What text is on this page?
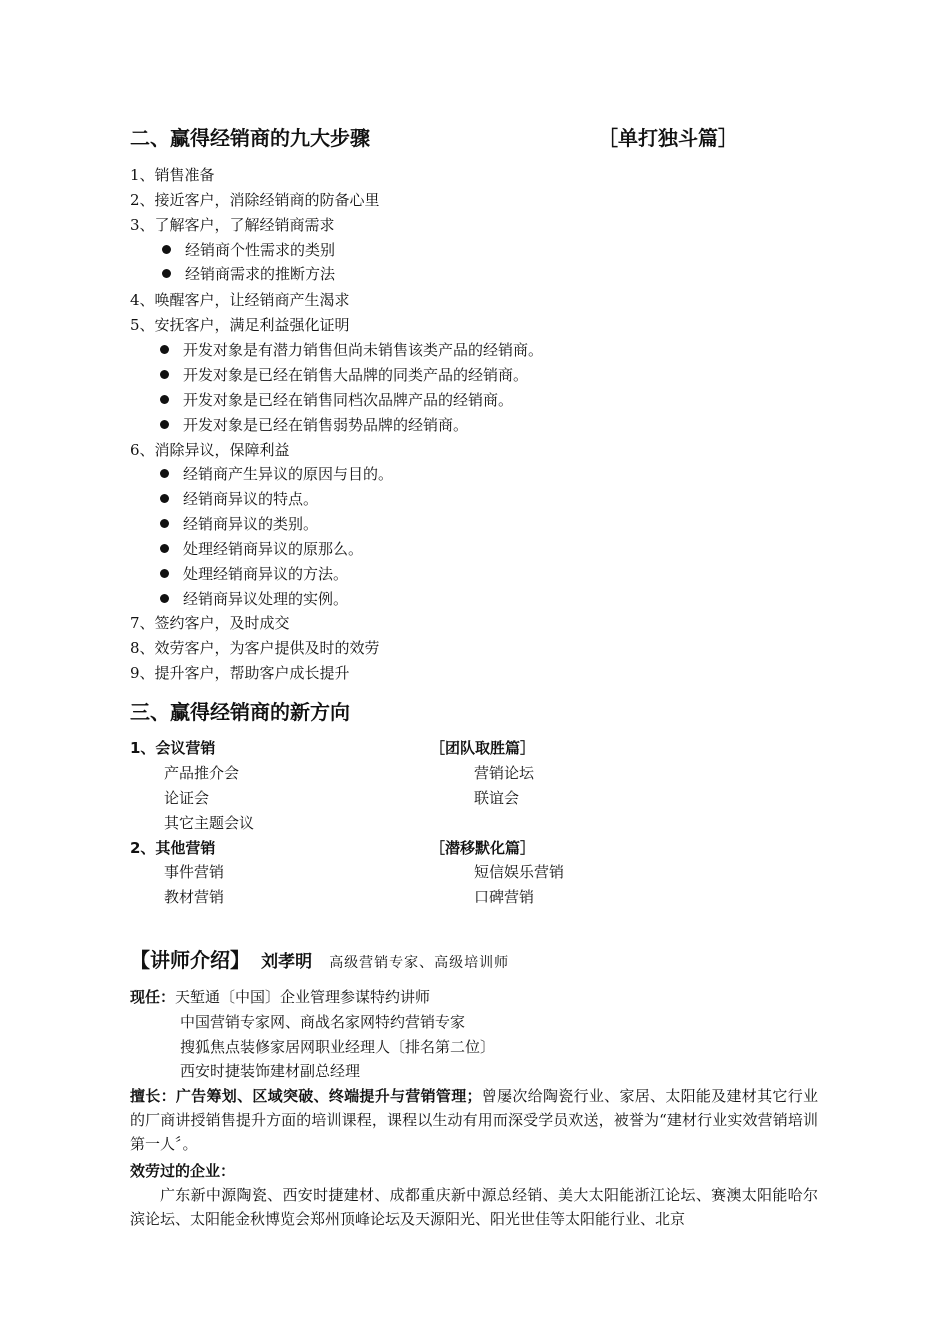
二、赢得经销商的九大步骤	［单打独斗篇］
1、销售准备
2、接近客户，消除经销商的防备心里
3、了解客户，了解经销商需求
经销商个性需求的类别
经销商需求的推断方法
4、唤醒客户，让经销商产生渴求
5、安抚客户，满足利益强化证明
开发对象是有潜力销售但尚未销售该类产品的经销商。
开发对象是已经在销售大品牌的同类产品的经销商。
开发对象是已经在销售同档次品牌产品的经销商。
开发对象是已经在销售弱势品牌的经销商。
6、消除异议，保障利益
经销商产生异议的原因与目的。
经销商异议的特点。
经销商异议的类别。
处理经销商异议的原那么。
处理经销商异议的方法。
经销商异议处理的实例。
7、签约客户，及时成交
8、效劳客户，为客户提供及时的效劳
9、提升客户，帮助客户成长提升
三、赢得经销商的新方向
1、会议营销	［团队取胜篇］
产品推介会	营销论坛
论证会	联谊会
其它主题会议
2、其他营销	［潜移默化篇］
事件营销	短信娱乐营销
教材营销	口碑营销
【讲师介绍】 刘孝明 高级营销专家、高级培训师
现任：天堑通〔中国〕企业管理参谋特约讲师
中国营销专家网、商战名家网特约营销专家
搜狐焦点装修家居网职业经理人〔排名第二位〕
西安时捷装饰建材副总经理
擅长：广告筹划、区域突破、终端提升与营销管理；曾屡次给陶瓷行业、家居、太阳能及建材其它行业的厂商讲授销售提升方面的培训课程，课程以生动有用而深受学员欢送，被誉为“建材行业实效营销培训第一人〞。
效劳过的企业：
广东新中源陶瓷、西安时捷建材、成都重庆新中源总经销、美大太阳能浙江论坛、赛澳太阳能哈尔滨论坛、太阳能金秋博览会郑州顶峰论坛及天源阳光、阳光世佳等太阳能行业、北京
